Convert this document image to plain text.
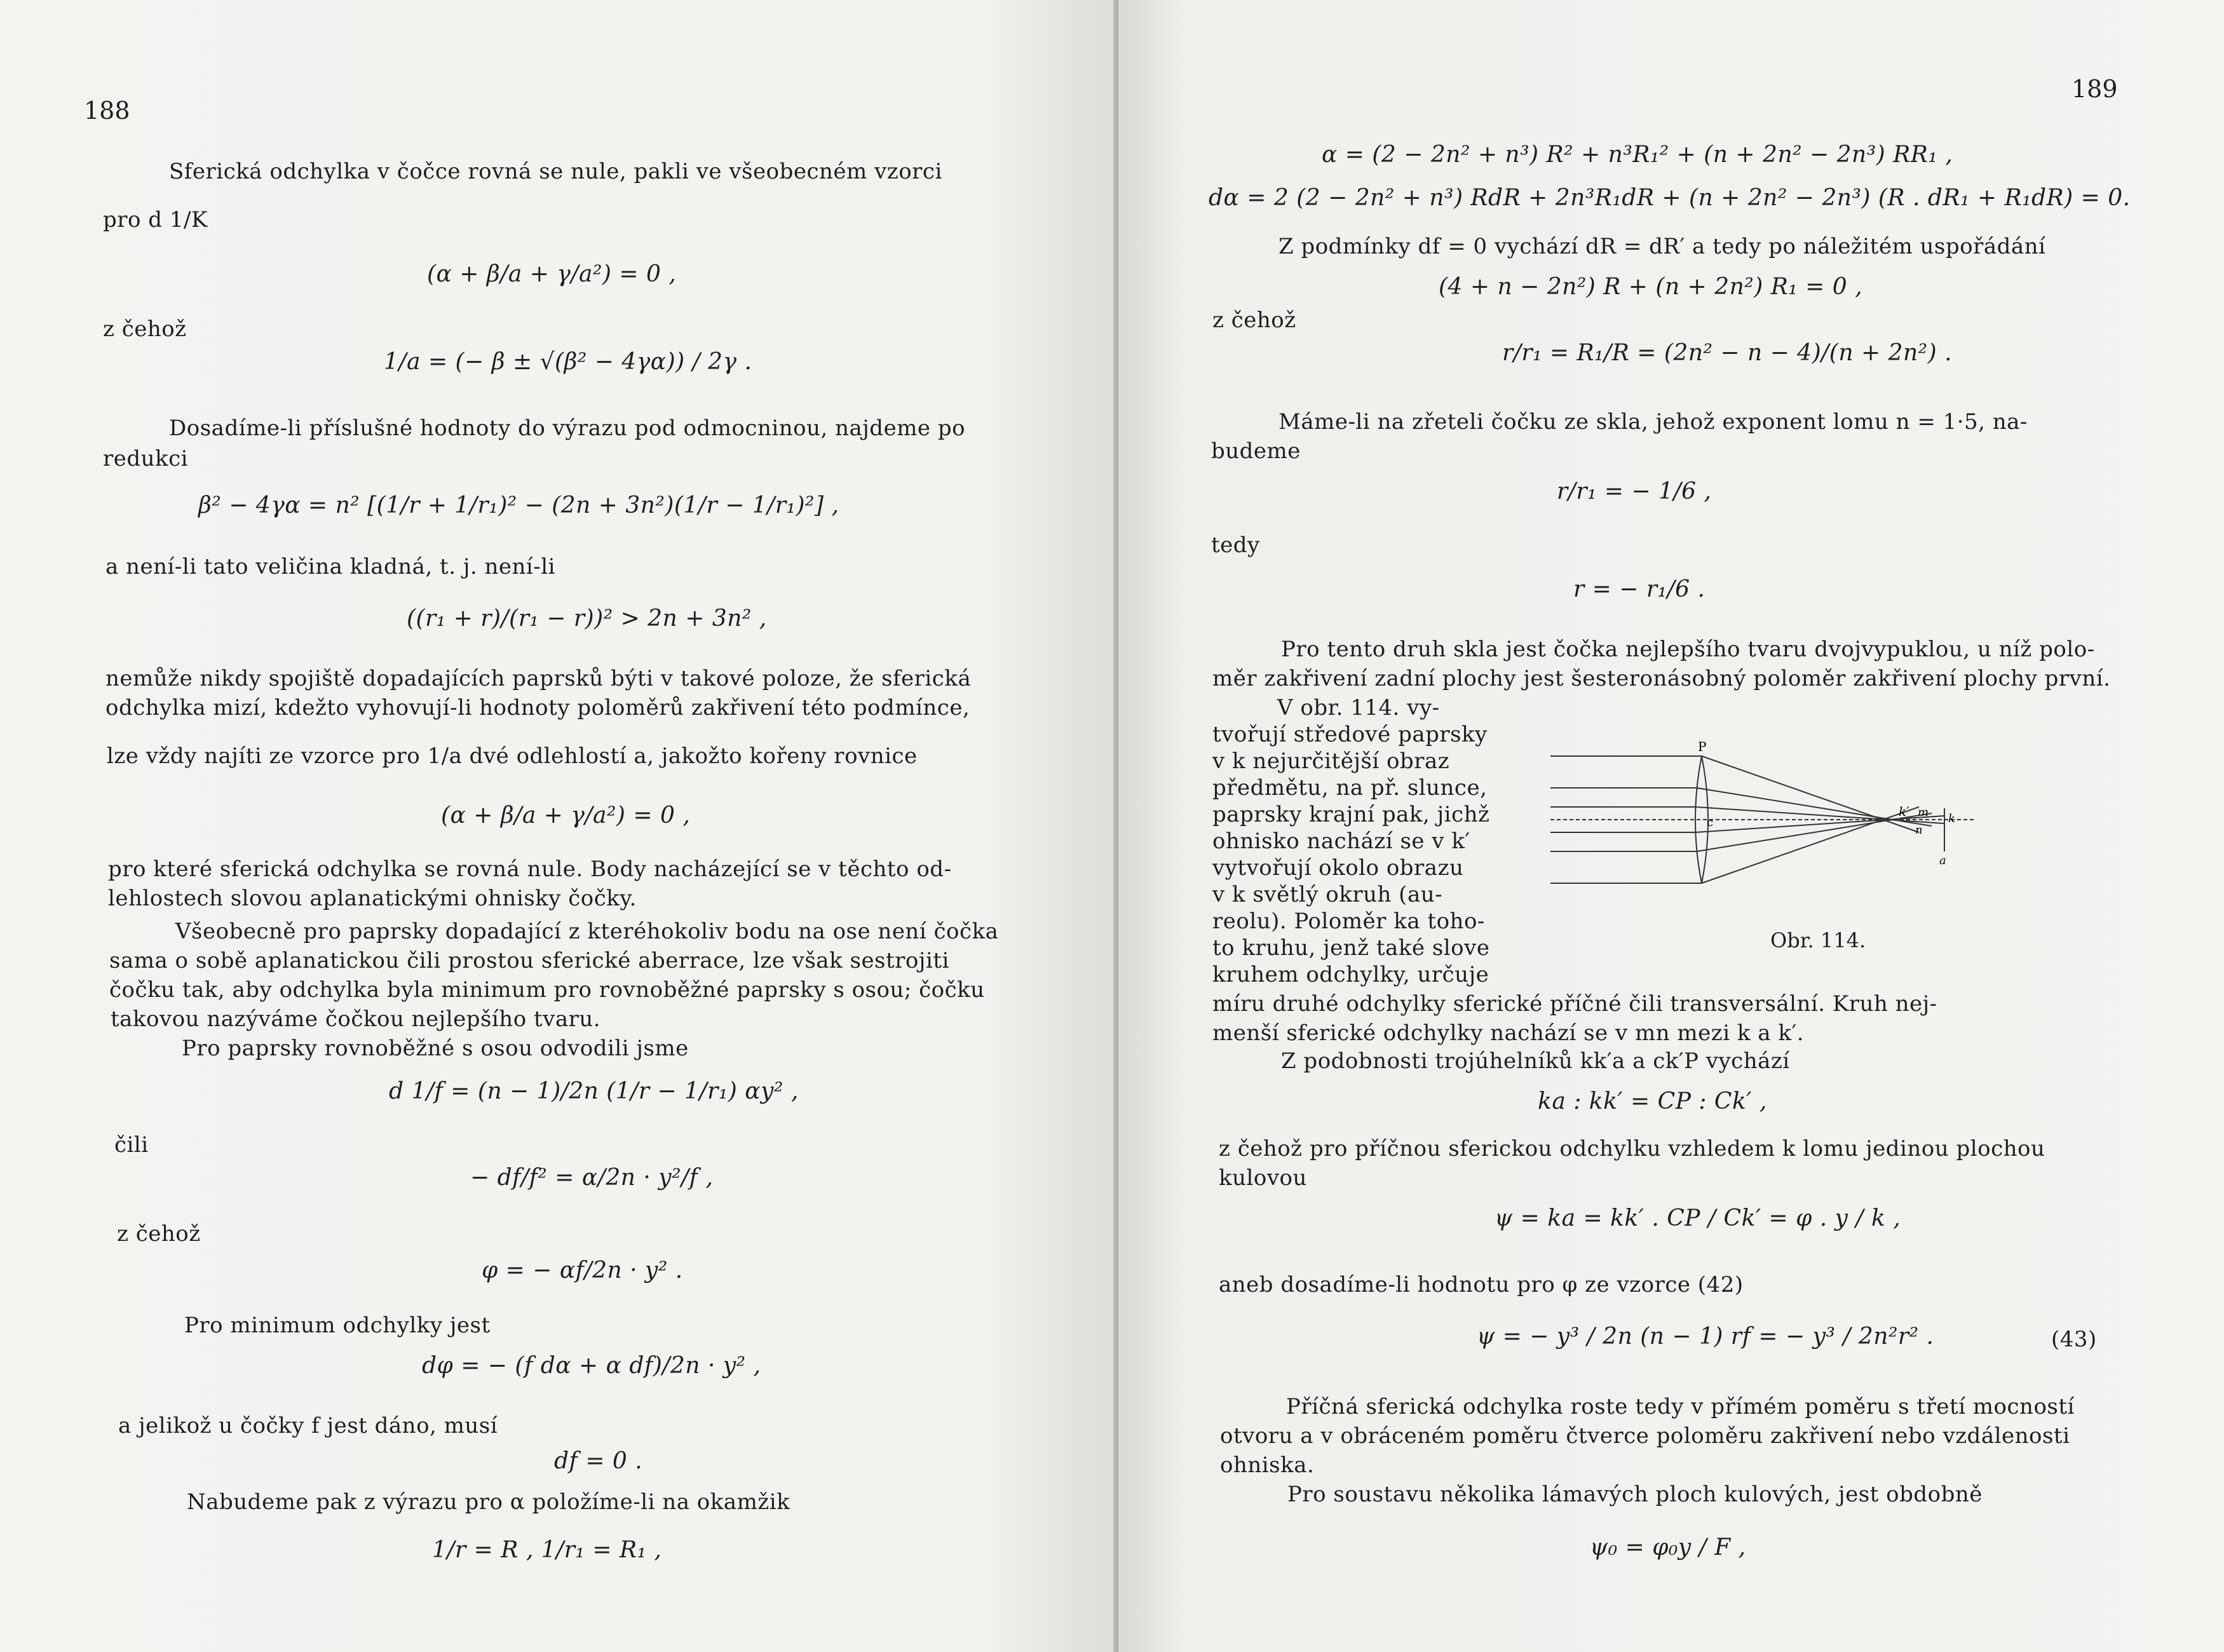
188
Sferická odchylka v čočce rovná se nule, pakli ve všeobecném vzorci
pro d 1/K
(α + β/a + γ/a²) = 0 ,
z čehož
1/a = (− β ± √(β² − 4γα)) / 2γ .
Dosadíme-li příslušné hodnoty do výrazu pod odmocninou, najdeme po
redukci
β² − 4γα = n² [(1/r + 1/r₁)² − (2n + 3n²)(1/r − 1/r₁)²] ,
a není-li tato veličina kladná, t. j. není-li
((r₁ + r)/(r₁ − r))² > 2n + 3n² ,
nemůže nikdy spojiště dopadajících paprsků býti v takové poloze, že sferická
odchylka mizí, kdežto vyhovují-li hodnoty poloměrů zakřivení této podmínce,
lze vždy najíti ze vzorce pro 1/a dvé odlehlostí a, jakožto kořeny rovnice
(α + β/a + γ/a²) = 0 ,
pro které sferická odchylka se rovná nule. Body nacházející se v těchto od-
lehlostech slovou aplanatickými ohnisky čočky.
Všeobecně pro paprsky dopadající z kteréhokoliv bodu na ose není čočka
sama o sobě aplanatickou čili prostou sferické aberrace, lze však sestrojiti
čočku tak, aby odchylka byla minimum pro rovnoběžné paprsky s osou; čočku
takovou nazýváme čočkou nejlepšího tvaru.
Pro paprsky rovnoběžné s osou odvodili jsme
d 1/f = (n − 1)/2n (1/r − 1/r₁) αy² ,
čili
− df/f² = α/2n · y²/f ,
z čehož
φ = − αf/2n · y² .
Pro minimum odchylky jest
dφ = − (f dα + α df)/2n · y² ,
a jelikož u čočky f jest dáno, musí
df = 0 .
Nabudeme pak z výrazu pro α položíme-li na okamžik
1/r = R , 1/r₁ = R₁ ,
189
α = (2 − 2n² + n³) R² + n³R₁² + (n + 2n² − 2n³) RR₁ ,
dα = 2 (2 − 2n² + n³) RdR + 2n³R₁dR + (n + 2n² − 2n³) (R . dR₁ + R₁dR) = 0.
Z podmínky df = 0 vychází dR = dR′ a tedy po náležitém uspořádání
(4 + n − 2n²) R + (n + 2n²) R₁ = 0 ,
z čehož
r/r₁ = R₁/R = (2n² − n − 4)/(n + 2n²) .
Máme-li na zřeteli čočku ze skla, jehož exponent lomu n = 1·5, na-
budeme
r/r₁ = − 1/6 ,
tedy
r = − r₁/6 .
Pro tento druh skla jest čočka nejlepšího tvaru dvojvypuklou, u níž polo-
měr zakřivení zadní plochy jest šesteronásobný poloměr zakřivení plochy první.
V obr. 114. vy-
tvořují středové paprsky
v k nejurčitější obraz
předmětu, na př. slunce,
paprsky krajní pak, jichž
ohnisko nachází se v k′
vytvořují okolo obrazu
v k světlý okruh (au-
reolu). Poloměr ka toho-
to kruhu, jenž také slove
kruhem odchylky, určuje
míru druhé odchylky sferické příčné čili transversální. Kruh nej-
menší sferické odchylky nachází se v mn mezi k a k′.
Z podobnosti trojúhelníků kk′a a ck′P vychází
ka : kk′ = CP : Ck′ ,
z čehož pro příčnou sferickou odchylku vzhledem k lomu jedinou plochou
kulovou
ψ = ka = kk′ . CP / Ck′ = φ . y / k ,
aneb dosadíme-li hodnotu pro φ ze vzorce (42)
ψ = − y³ / 2n (n − 1) rf = − y³ / 2n²r² .	(43)
Příčná sferická odchylka roste tedy v přímém poměru s třetí mocností
otvoru a v obráceném poměru čtverce poloměru zakřivení nebo vzdálenosti
ohniska.
Pro soustavu několika lámavých ploch kulových, jest obdobně
ψ₀ = φ₀y / F ,
P
c
k′ m
n
k
a
Obr. 114.
